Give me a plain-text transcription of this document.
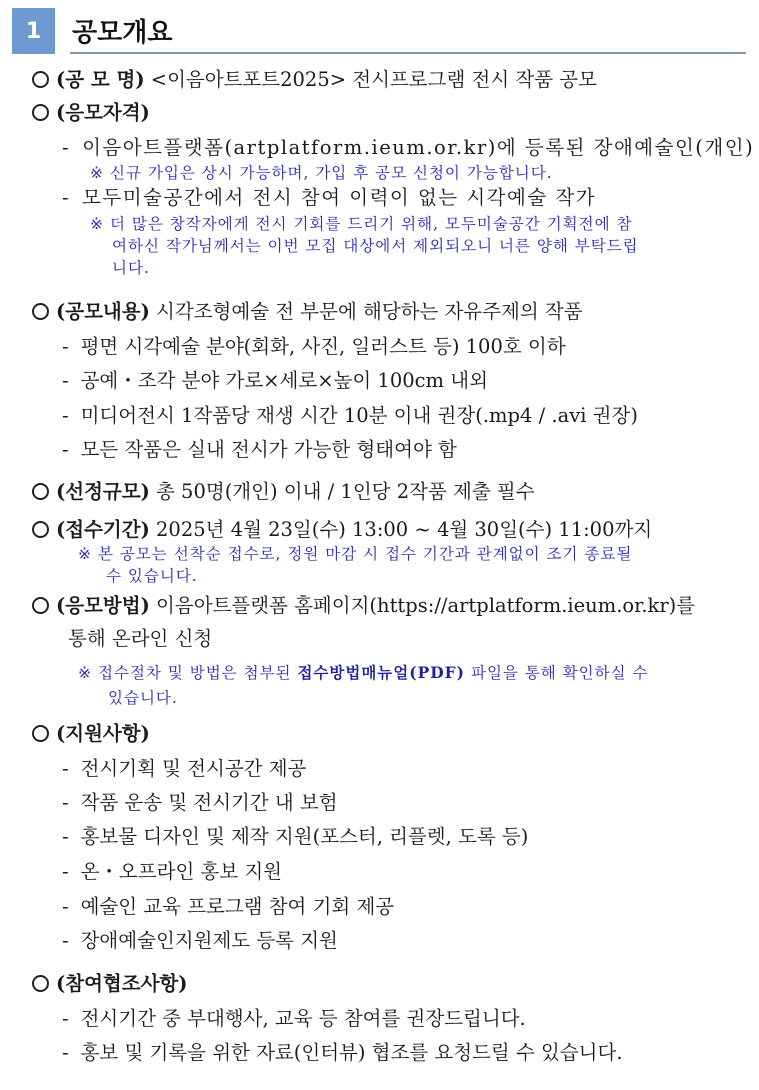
1	공모개요
(공 모 명) <이음아트포트2025> 전시프로그램 전시 작품 공모
(응모자격)
- 이음아트플랫폼(artplatform.ieum.or.kr)에 등록된 장애예술인(개인)
※ 신규 가입은 상시 가능하며, 가입 후 공모 신청이 가능합니다.
- 모두미술공간에서 전시 참여 이력이 없는 시각예술 작가
※ 더 많은 창작자에게 전시 기회를 드리기 위해, 모두미술공간 기획전에 참
여하신 작가님께서는 이번 모집 대상에서 제외되오니 너른 양해 부탁드립
니다.
(공모내용) 시각조형예술 전 부문에 해당하는 자유주제의 작품
- 평면 시각예술 분야(회화, 사진, 일러스트 등) 100호 이하
- 공예・조각 분야 가로×세로×높이 100cm 내외
- 미디어전시 1작품당 재생 시간 10분 이내 권장(.mp4 / .avi 권장)
- 모든 작품은 실내 전시가 가능한 형태여야 함
(선정규모) 총 50명(개인) 이내 / 1인당 2작품 제출 필수
(접수기간) 2025년 4월 23일(수) 13:00 ~ 4월 30일(수) 11:00까지
※ 본 공모는 선착순 접수로, 정원 마감 시 접수 기간과 관계없이 조기 종료될
수 있습니다.
(응모방법) 이음아트플랫폼 홈페이지(https://artplatform.ieum.or.kr)를
통해 온라인 신청
※ 접수절차 및 방법은 첨부된 접수방법매뉴얼(PDF) 파일을 통해 확인하실 수
있습니다.
(지원사항)
- 전시기획 및 전시공간 제공
- 작품 운송 및 전시기간 내 보험
- 홍보물 디자인 및 제작 지원(포스터, 리플렛, 도록 등)
- 온・오프라인 홍보 지원
- 예술인 교육 프로그램 참여 기회 제공
- 장애예술인지원제도 등록 지원
(참여협조사항)
- 전시기간 중 부대행사, 교육 등 참여를 권장드립니다.
- 홍보 및 기록을 위한 자료(인터뷰) 협조를 요청드릴 수 있습니다.
